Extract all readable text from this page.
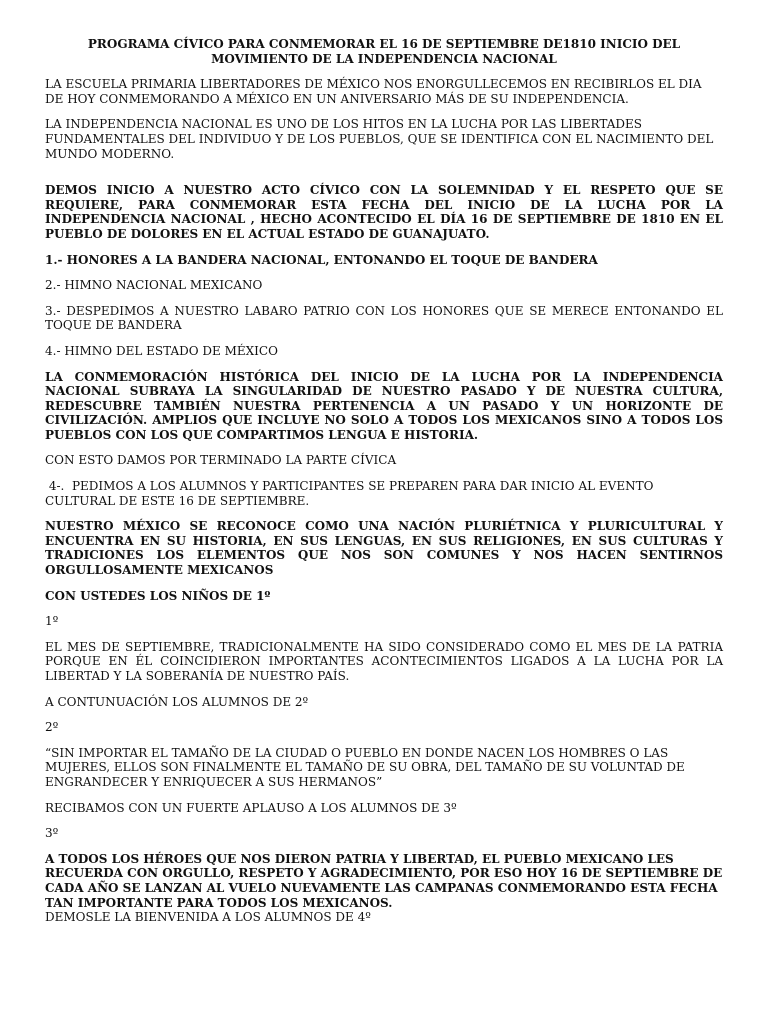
PROGRAMA CÍVICO PARA CONMEMORAR EL 16 DE SEPTIEMBRE DE1810 INICIO DEL MOVIMIENTO DE LA INDEPENDENCIA NACIONAL
LA ESCUELA PRIMARIA LIBERTADORES DE MÉXICO NOS ENORGULLECEMOS EN RECIBIRLOS EL DIA DE HOY CONMEMORANDO A MÉXICO EN UN ANIVERSARIO MÁS DE SU INDEPENDENCIA.
LA INDEPENDENCIA NACIONAL ES UNO DE LOS HITOS EN LA LUCHA POR LAS LIBERTADES FUNDAMENTALES DEL INDIVIDUO Y DE LOS PUEBLOS, QUE SE IDENTIFICA CON EL NACIMIENTO DEL MUNDO MODERNO.
DEMOS INICIO A NUESTRO ACTO CÍVICO CON LA SOLEMNIDAD Y EL RESPETO QUE SE REQUIERE, PARA CONMEMORAR ESTA FECHA DEL INICIO DE LA LUCHA POR LA INDEPENDENCIA NACIONAL , HECHO ACONTECIDO EL DÍA 16 DE SEPTIEMBRE DE 1810 EN EL PUEBLO DE DOLORES EN EL ACTUAL ESTADO DE GUANAJUATO.
1.- HONORES A LA BANDERA NACIONAL, ENTONANDO EL TOQUE DE BANDERA
2.- HIMNO NACIONAL MEXICANO
3.- DESPEDIMOS A NUESTRO LABARO PATRIO CON LOS HONORES QUE SE MERECE ENTONANDO EL TOQUE DE BANDERA
4.- HIMNO DEL ESTADO DE MÉXICO
LA CONMEMORACIÓN HISTÓRICA DEL INICIO DE LA LUCHA POR LA INDEPENDENCIA NACIONAL SUBRAYA LA SINGULARIDAD DE NUESTRO PASADO Y DE NUESTRA CULTURA, REDESCUBRE TAMBIÉN NUESTRA PERTENENCIA A UN PASADO Y UN HORIZONTE DE CIVILIZACIÓN. AMPLIOS QUE INCLUYE NO SOLO A TODOS LOS MEXICANOS SINO A TODOS LOS PUEBLOS CON LOS QUE COMPARTIMOS LENGUA E HISTORIA.
CON ESTO DAMOS POR TERMINADO LA PARTE CÍVICA
4-.  PEDIMOS A LOS ALUMNOS Y PARTICIPANTES SE PREPAREN PARA DAR INICIO AL EVENTO CULTURAL DE ESTE 16 DE SEPTIEMBRE.
NUESTRO MÉXICO SE RECONOCE COMO UNA NACIÓN PLURIÉTNICA Y PLURICULTURAL Y ENCUENTRA EN SU HISTORIA, EN SUS LENGUAS, EN SUS RELIGIONES, EN SUS CULTURAS Y TRADICIONES LOS ELEMENTOS QUE NOS SON COMUNES Y NOS HACEN SENTIRNOS ORGULLOSAMENTE MEXICANOS
CON USTEDES LOS NIÑOS DE 1º
1º
EL MES DE SEPTIEMBRE, TRADICIONALMENTE HA SIDO CONSIDERADO COMO EL MES DE LA PATRIA PORQUE EN ÉL COINCIDIERON IMPORTANTES ACONTECIMIENTOS LIGADOS A LA LUCHA POR LA LIBERTAD Y LA SOBERANÍA DE NUESTRO PAÍS.
A CONTUNUACIÓN LOS ALUMNOS DE 2º
2º
“SIN IMPORTAR EL TAMAÑO DE LA CIUDAD O PUEBLO EN DONDE NACEN LOS HOMBRES O LAS MUJERES, ELLOS SON FINALMENTE EL TAMAÑO DE SU OBRA, DEL TAMAÑO DE SU VOLUNTAD DE ENGRANDECER Y ENRIQUECER A SUS HERMANOS”
RECIBAMOS CON UN FUERTE APLAUSO A LOS ALUMNOS DE 3º
3º
A TODOS LOS HÉROES QUE NOS DIERON PATRIA Y LIBERTAD, EL PUEBLO MEXICANO LES RECUERDA CON ORGULLO, RESPETO Y AGRADECIMIENTO, POR ESO HOY 16 DE SEPTIEMBRE DE CADA AÑO SE LANZAN AL VUELO NUEVAMENTE LAS CAMPANAS CONMEMORANDO ESTA FECHA TAN IMPORTANTE PARA TODOS LOS MEXICANOS.
DEMOSLE LA BIENVENIDA A LOS ALUMNOS DE 4º
